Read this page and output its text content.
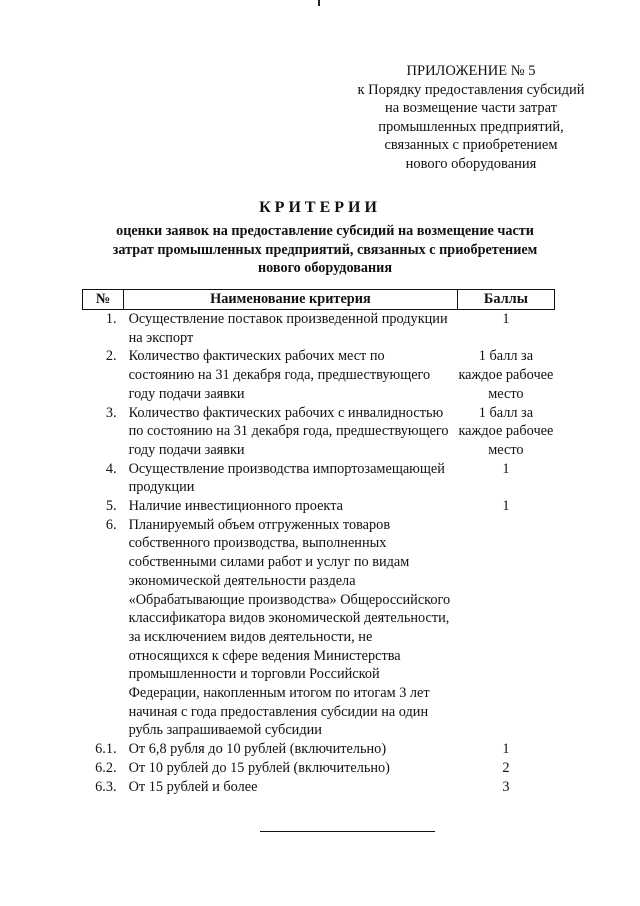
ПРИЛОЖЕНИЕ № 5
к Порядку предоставления субсидий
на возмещение части затрат
промышленных предприятий,
связанных с приобретением
нового оборудования
КРИТЕРИИ
оценки заявок на предоставление субсидий на возмещение части
затрат промышленных предприятий, связанных с приобретением
нового оборудования
№	Наименование критерия	Баллы
1.	Осуществление поставок произведенной продукции на экспорт	1
2.	Количество фактических рабочих мест по состоянию на 31 декабря года, предшествующего году подачи заявки	1 балл за каждое рабочее место
3.	Количество фактических рабочих с инвалидностью по состоянию на 31 декабря года, предшествующего году подачи заявки	1 балл за каждое рабочее место
4.	Осуществление производства импортозамещающей продукции	1
5.	Наличие инвестиционного проекта	1
6.	Планируемый объем отгруженных товаров собственного производства, выполненных собственными силами работ и услуг по видам экономической деятельности раздела «Обрабатывающие производства» Общероссийского классификатора видов экономической деятельности, за исключением видов деятельности, не относящихся к сфере ведения Министерства промышленности и торговли Российской Федерации, накопленным итогом по итогам 3 лет начиная с года предоставления субсидии на один рубль запрашиваемой субсидии	
6.1.	От 6,8 рубля до 10 рублей (включительно)	1
6.2.	От 10 рублей до 15 рублей (включительно)	2
6.3.	От 15 рублей и более	3
